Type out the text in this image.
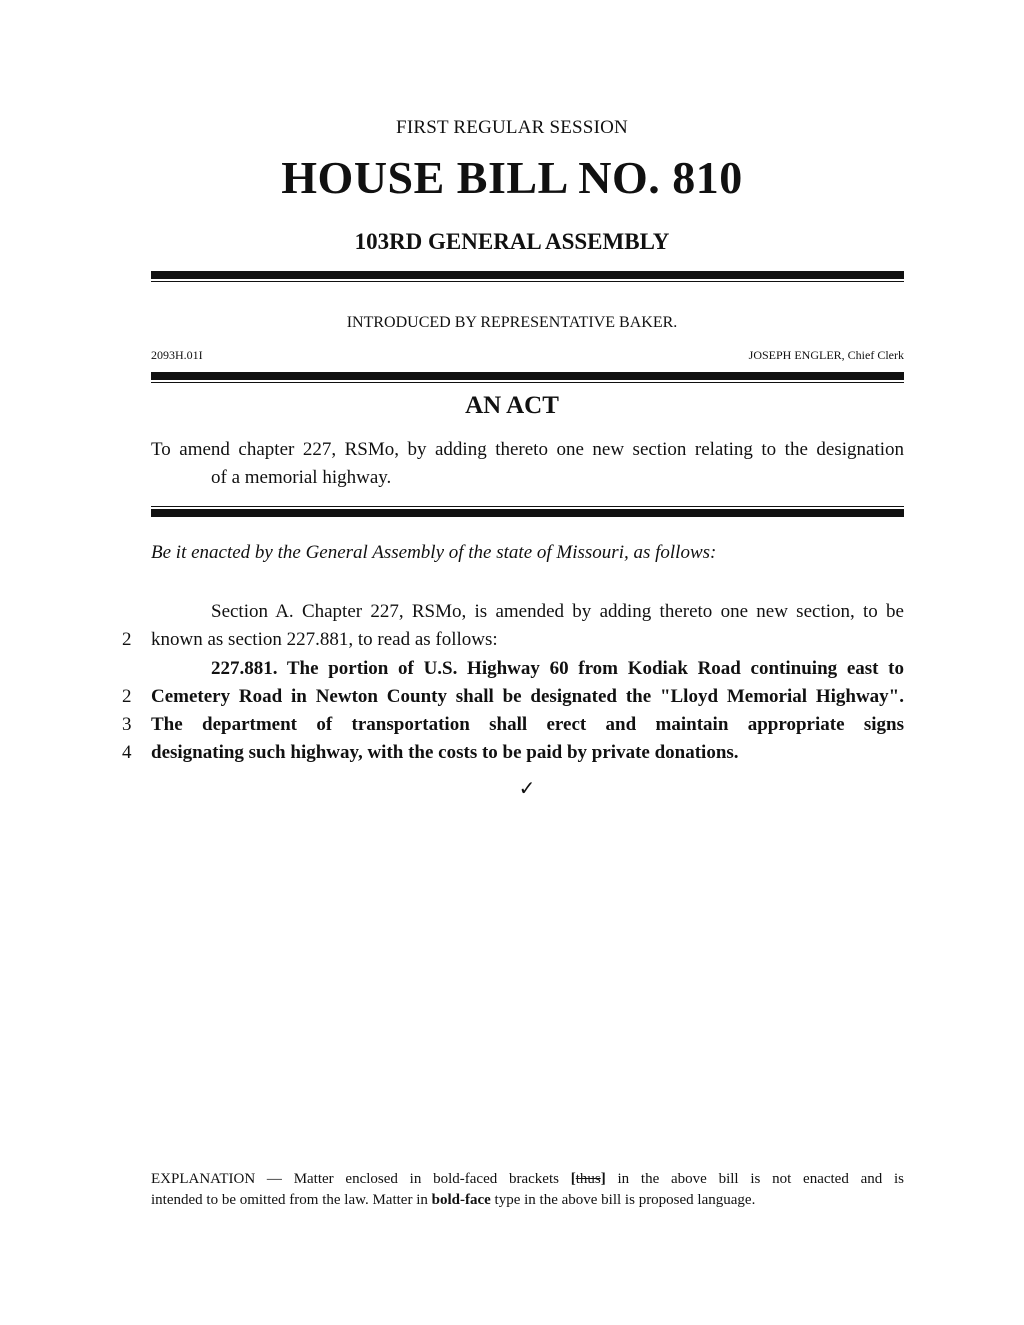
FIRST REGULAR SESSION
HOUSE BILL NO. 810
103RD GENERAL ASSEMBLY
INTRODUCED BY REPRESENTATIVE BAKER.
2093H.01I	JOSEPH ENGLER, Chief Clerk
AN ACT
To amend chapter 227, RSMo, by adding thereto one new section relating to the designation
of a memorial highway.
Be it enacted by the General Assembly of the state of Missouri, as follows:
Section A. Chapter 227, RSMo, is amended by adding thereto one new section, to be
2 known as section 227.881, to read as follows:
227.881. The portion of U.S. Highway 60 from Kodiak Road continuing east to
2 Cemetery Road in Newton County shall be designated the "Lloyd Memorial Highway".
3 The department of transportation shall erect and maintain appropriate signs
4 designating such highway, with the costs to be paid by private donations.
✓
EXPLANATION — Matter enclosed in bold-faced brackets [thus] in the above bill is not enacted and is
intended to be omitted from the law. Matter in bold-face type in the above bill is proposed language.
